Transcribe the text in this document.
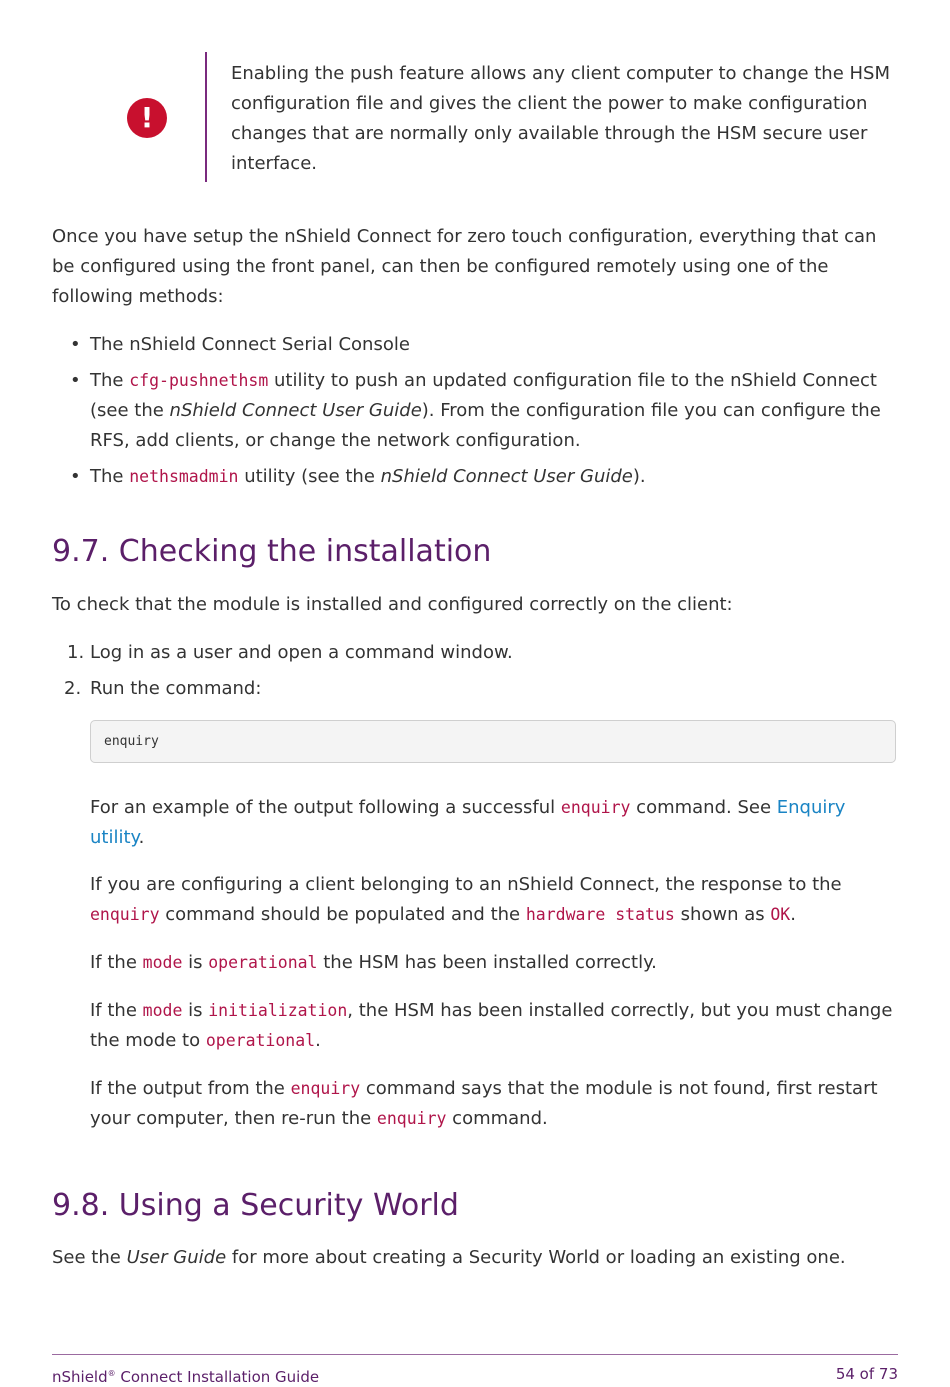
!

Enabling the push feature allows any client computer to change the HSM configuration file and gives the client the power to make configuration changes that are normally only available through the HSM secure user interface.

Once you have setup the nShield Connect for zero touch configuration, everything that can be configured using the front panel, can then be configured remotely using one of the following methods:

• The nShield Connect Serial Console

• The cfg-pushnethsm utility to push an updated configuration file to the nShield Connect (see the nShield Connect User Guide). From the configuration file you can configure the RFS, add clients, or change the network configuration.

• The nethsmadmin utility (see the nShield Connect User Guide).

9.7. Checking the installation

To check that the module is installed and configured correctly on the client:

1. Log in as a user and open a command window.

2. Run the command:

enquiry

For an example of the output following a successful enquiry command. See Enquiry utility.

If you are configuring a client belonging to an nShield Connect, the response to the enquiry command should be populated and the hardware status shown as OK.

If the mode is operational the HSM has been installed correctly.

If the mode is initialization, the HSM has been installed correctly, but you must change the mode to operational.

If the output from the enquiry command says that the module is not found, first restart your computer, then re-run the enquiry command.

9.8. Using a Security World

See the User Guide for more about creating a Security World or loading an existing one.

nShield® Connect Installation Guide	54 of 73
